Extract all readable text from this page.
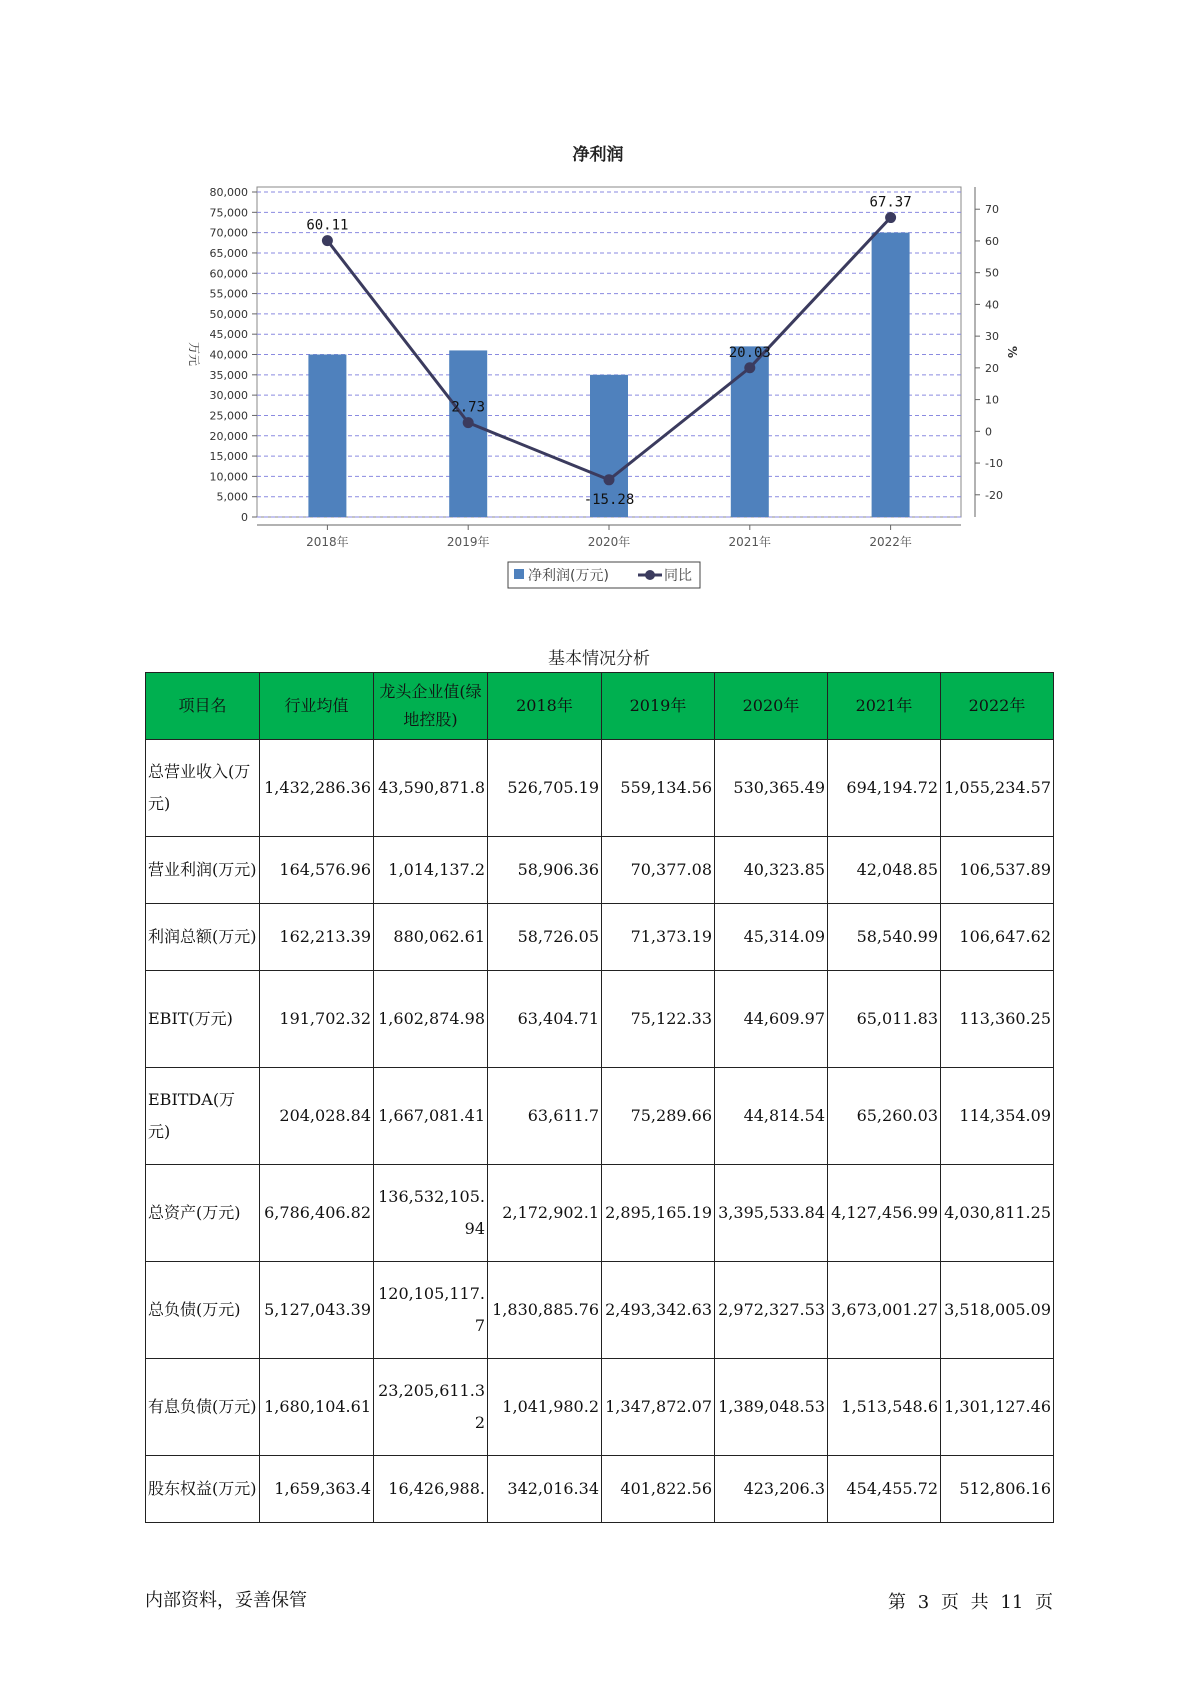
净利润
0
5,000
10,000
15,000
20,000
25,000
30,000
35,000
40,000
45,000
50,000
55,000
60,000
65,000
70,000
75,000
80,000
-20
-10
0
10
20
30
40
50
60
70
万元	%
2018年	2019年	2020年	2021年	2022年
60.11
2.73
-15.28
20.03
67.37
净利润(万元)	同比
基本情况分析
项目名	行业均值	龙头企业值(绿地控股)	2018年	2019年	2020年	2021年	2022年
总营业收入(万元)	1,432,286.36	43,590,871.8	526,705.19	559,134.56	530,365.49	694,194.72	1,055,234.57
营业利润(万元)	164,576.96	1,014,137.2	58,906.36	70,377.08	40,323.85	42,048.85	106,537.89
利润总额(万元)	162,213.39	880,062.61	58,726.05	71,373.19	45,314.09	58,540.99	106,647.62
EBIT(万元)	191,702.32	1,602,874.98	63,404.71	75,122.33	44,609.97	65,011.83	113,360.25
EBITDA(万元)	204,028.84	1,667,081.41	63,611.7	75,289.66	44,814.54	65,260.03	114,354.09
总资产(万元)	6,786,406.82	136,532,105.94	2,172,902.1	2,895,165.19	3,395,533.84	4,127,456.99	4,030,811.25
总负债(万元)	5,127,043.39	120,105,117.7	1,830,885.76	2,493,342.63	2,972,327.53	3,673,001.27	3,518,005.09
有息负债(万元)	1,680,104.61	23,205,611.32	1,041,980.2	1,347,872.07	1,389,048.53	1,513,548.6	1,301,127.46
股东权益(万元)	1,659,363.4	16,426,988.	342,016.34	401,822.56	423,206.3	454,455.72	512,806.16
内部资料，妥善保管	第 3 页 共 11 页
